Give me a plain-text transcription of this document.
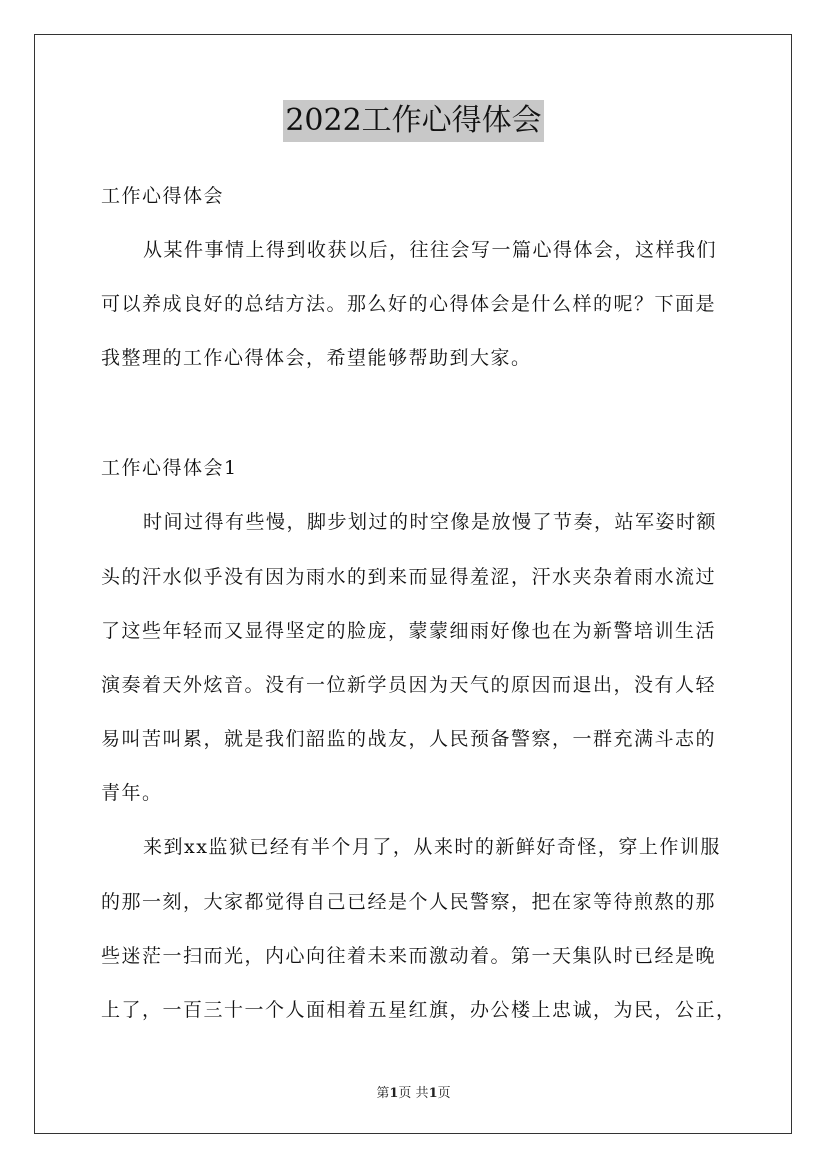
2022工作心得体会
工作心得体会
从某件事情上得到收获以后，往往会写一篇心得体会，这样我们
可以养成良好的总结方法。那么好的心得体会是什么样的呢？下面是
我整理的工作心得体会，希望能够帮助到大家。
工作心得体会1
时间过得有些慢，脚步划过的时空像是放慢了节奏，站军姿时额
头的汗水似乎没有因为雨水的到来而显得羞涩，汗水夹杂着雨水流过
了这些年轻而又显得坚定的脸庞，蒙蒙细雨好像也在为新警培训生活
演奏着天外炫音。没有一位新学员因为天气的原因而退出，没有人轻
易叫苦叫累，就是我们韶监的战友，人民预备警察，一群充满斗志的
青年。
来到xx监狱已经有半个月了，从来时的新鲜好奇怪，穿上作训服
的那一刻，大家都觉得自己已经是个人民警察，把在家等待煎熬的那
些迷茫一扫而光，内心向往着未来而激动着。第一天集队时已经是晚
上了，一百三十一个人面相着五星红旗，办公楼上忠诚，为民，公正，
第1页 共1页
